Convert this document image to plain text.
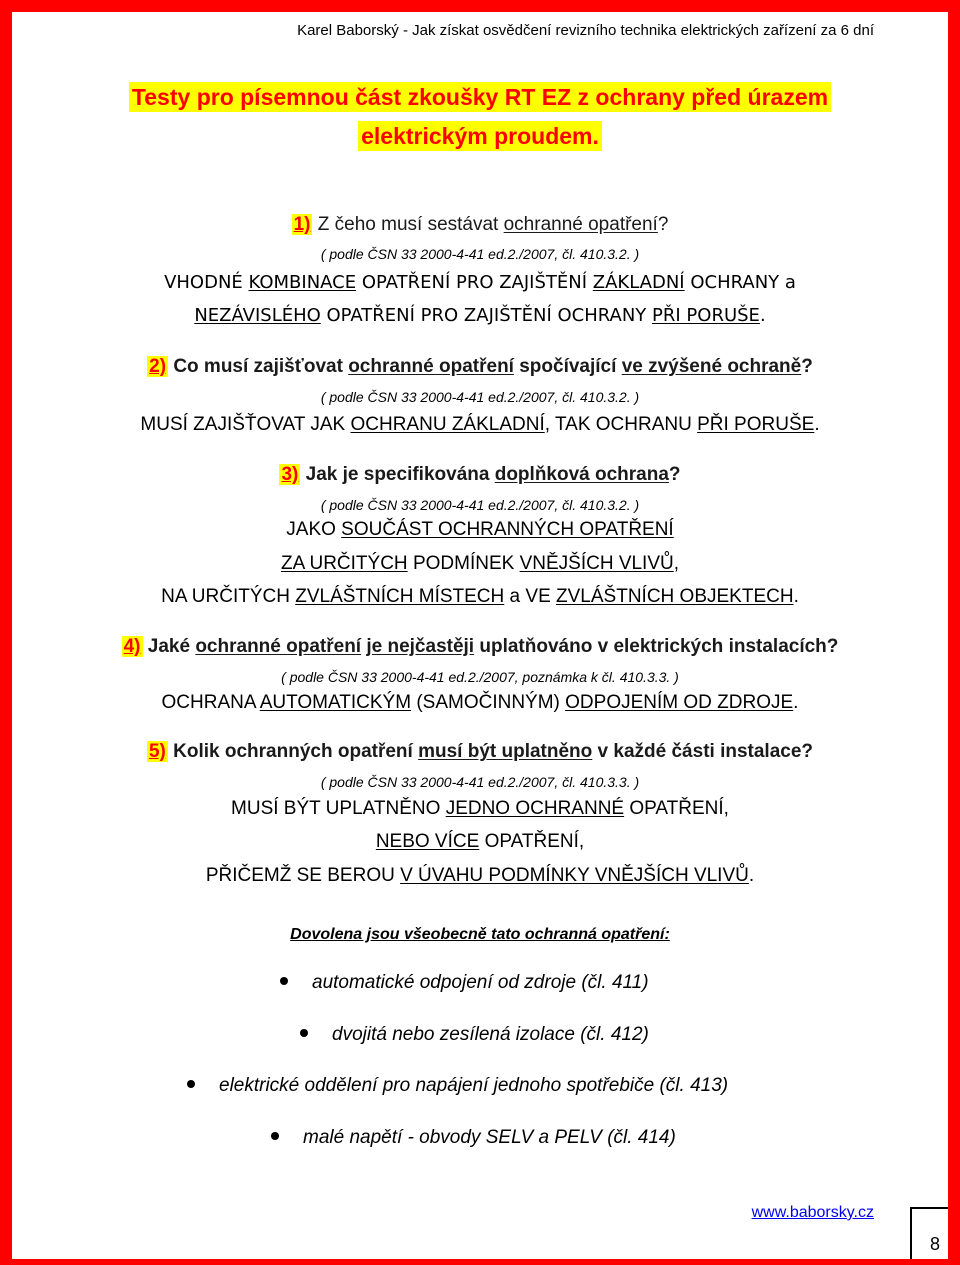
Karel Baborský - Jak získat osvědčení revizního technika elektrických zařízení za 6 dní
Testy pro písemnou část zkoušky RT EZ z ochrany před úrazem
elektrickým proudem.
1) Z čeho musí sestávat ochranné opatření?
( podle ČSN 33 2000-4-41 ed.2./2007, čl. 410.3.2. )
VHODNÉ KOMBINACE OPATŘENÍ PRO ZAJIŠTĚNÍ ZÁKLADNÍ OCHRANY a
NEZÁVISLÉHO OPATŘENÍ PRO ZAJIŠTĚNÍ OCHRANY PŘI PORUŠE.
2) Co musí zajišťovat ochranné opatření spočívající ve zvýšené ochraně?
( podle ČSN 33 2000-4-41 ed.2./2007, čl. 410.3.2. )
MUSÍ ZAJIŠŤOVAT JAK OCHRANU ZÁKLADNÍ, TAK OCHRANU PŘI PORUŠE.
3) Jak je specifikována doplňková ochrana?
( podle ČSN 33 2000-4-41 ed.2./2007, čl. 410.3.2. )
JAKO SOUČÁST OCHRANNÝCH OPATŘENÍ
ZA URČITÝCH PODMÍNEK VNĚJŠÍCH VLIVŮ,
NA URČITÝCH ZVLÁŠTNÍCH MÍSTECH a VE ZVLÁŠTNÍCH OBJEKTECH.
4) Jaké ochranné opatření je nejčastěji uplatňováno v elektrických instalacích?
( podle ČSN 33 2000-4-41 ed.2./2007, poznámka k čl. 410.3.3. )
OCHRANA AUTOMATICKÝM (SAMOČINNÝM) ODPOJENÍM OD ZDROJE.
5) Kolik ochranných opatření musí být uplatněno v každé části instalace?
( podle ČSN 33 2000-4-41 ed.2./2007, čl. 410.3.3. )
MUSÍ BÝT UPLATNĚNO JEDNO OCHRANNÉ OPATŘENÍ,
NEBO VÍCE OPATŘENÍ,
PŘIČEMŽ SE BEROU V ÚVAHU PODMÍNKY VNĚJŠÍCH VLIVŮ.
Dovolena jsou všeobecně tato ochranná opatření:
automatické odpojení od zdroje (čl. 411)
dvojitá nebo zesílená izolace (čl. 412)
elektrické oddělení pro napájení jednoho spotřebiče (čl. 413)
malé napětí - obvody SELV a PELV (čl. 414)
www.baborsky.cz
8
